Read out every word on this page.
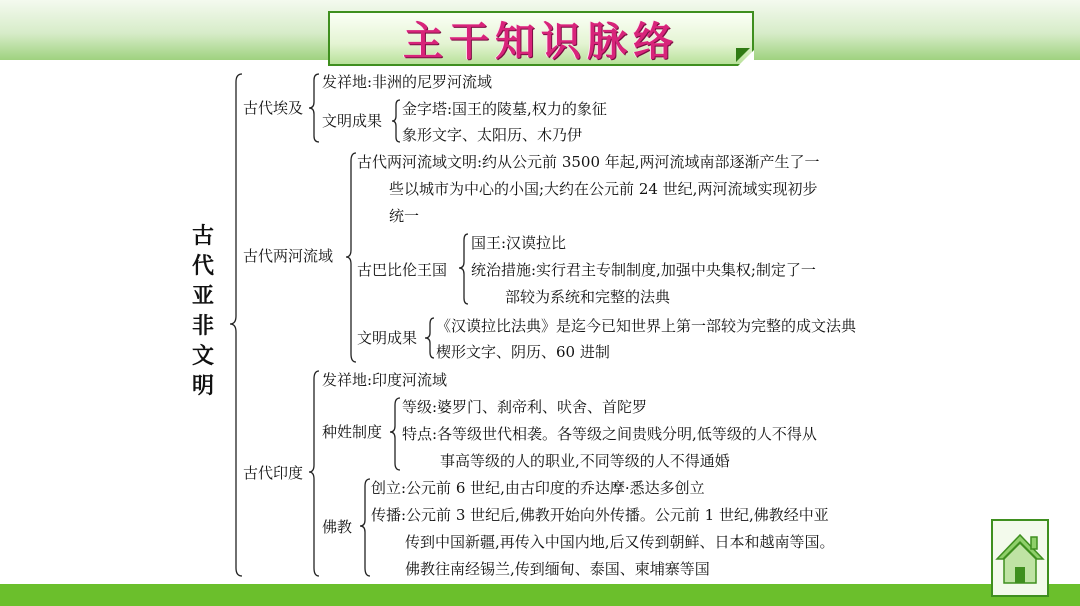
主干知识脉络
古代亚非文明
古代埃及
发祥地:非洲的尼罗河流域
文明成果
金字塔:国王的陵墓,权力的象征
象形文字、太阳历、木乃伊
古代两河流域
古代两河流域文明:约从公元前 3500 年起,两河流域南部逐渐产生了一
些以城市为中心的小国;大约在公元前 24 世纪,两河流域实现初步
统一
古巴比伦王国
国王:汉谟拉比
统治措施:实行君主专制制度,加强中央集权;制定了一
部较为系统和完整的法典
文明成果
《汉谟拉比法典》是迄今已知世界上第一部较为完整的成文法典
楔形文字、阴历、60 进制
古代印度
发祥地:印度河流域
种姓制度
等级:婆罗门、刹帝利、吠舍、首陀罗
特点:各等级世代相袭。各等级之间贵贱分明,低等级的人不得从
事高等级的人的职业,不同等级的人不得通婚
佛教
创立:公元前 6 世纪,由古印度的乔达摩·悉达多创立
传播:公元前 3 世纪后,佛教开始向外传播。公元前 1 世纪,佛教经中亚
传到中国新疆,再传入中国内地,后又传到朝鲜、日本和越南等国。
佛教往南经锡兰,传到缅甸、泰国、柬埔寨等国
